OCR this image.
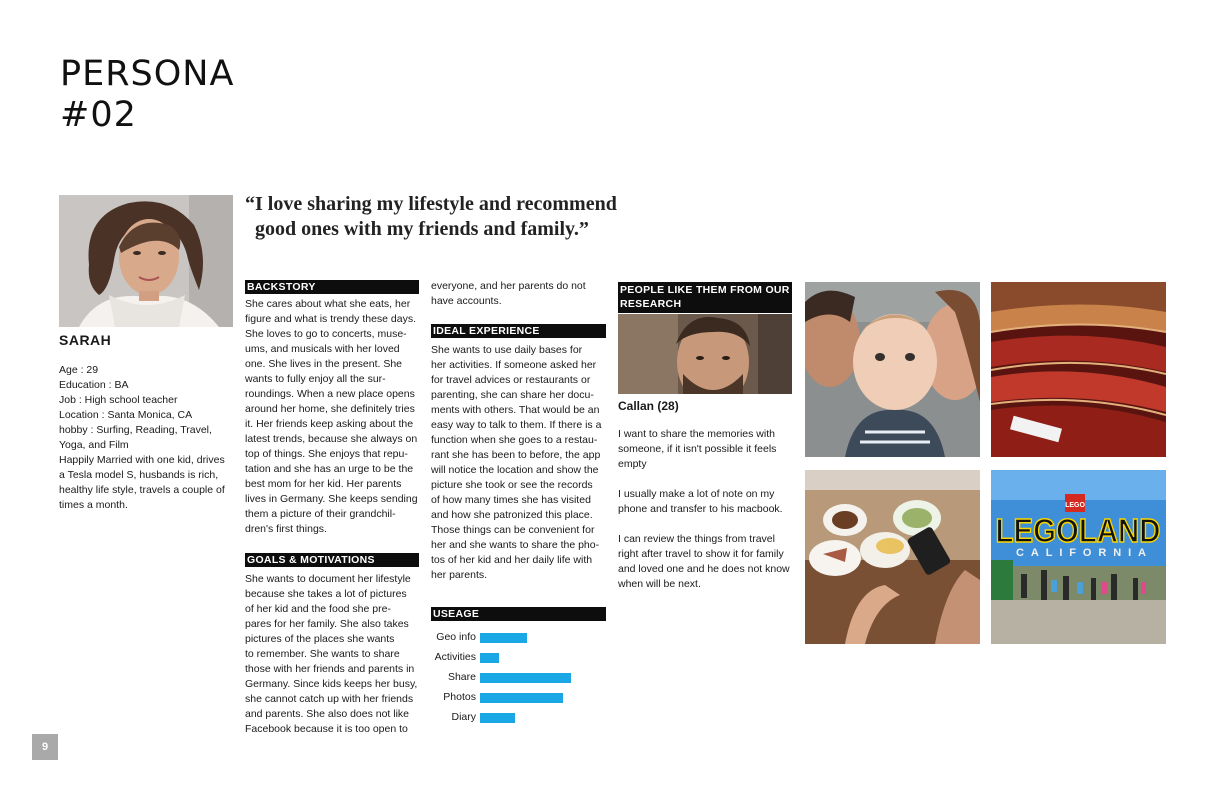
PERSONA
#02

“I love sharing my lifestyle and recommend

good ones with my friends and family.”

SARAH

Age : 29

Education : BA

Job : High school teacher

Location : Santa Monica, CA

hobby : Surfing, Reading, Travel,

Yoga, and Film

Happily Married with one kid, drives

a Tesla model S, husbands is rich,

healthy life style, travels a couple of

times a month.

BACKSTORY

She cares about what she eats, her

figure and what is trendy these days.

She loves to go to concerts, muse-

ums, and musicals with her loved

one. She lives in the present. She

wants to fully enjoy all the sur-

roundings. When a new place opens

around her home, she definitely tries

it. Her friends keep asking about the

latest trends, because she always on

top of things. She enjoys that repu-

tation and she has an urge to be the

best mom for her kid. Her parents

lives in Germany. She keeps sending

them a picture of their grandchil-

dren's first things.

GOALS & MOTIVATIONS

She wants to document her lifestyle

because she takes a lot of pictures

of her kid and the food she pre-

pares for her family. She also takes

pictures of the places she wants

to remember. She wants to share

those with her friends and parents in

Germany. Since kids keeps her busy,

she cannot catch up with her friends

and parents. She also does not like

Facebook because it is too open to

everyone, and her parents do not

have accounts.

IDEAL EXPERIENCE

She wants to use daily bases for

her activities. If someone asked her

for travel advices or restaurants or

parenting, she can share her docu-

ments with others. That would be an

easy way to talk to them. If there is a

function when she goes to a restau-

rant she has been to before, the app

will notice the location and show the

picture she took or see the records

of how many times she has visited

and how she patronized this place.

Those things can be convenient for

her and she wants to share the pho-

tos of her kid and her daily life with

her parents.

USEAGE
Geo info
Activities
Share
Photos
Diary
PEOPLE LIKE THEM FROM OUR RESEARCH

Callan (28)

I want to share the memories with someone, if it isn't possible it feels empty

I usually make a lot of note on my phone and transfer to his macbook.

I can review the things from travel right after travel to show it for family and loved one and he does not know when will be next.

LEGO
LEGOLAND
CALIFORNIA
9
